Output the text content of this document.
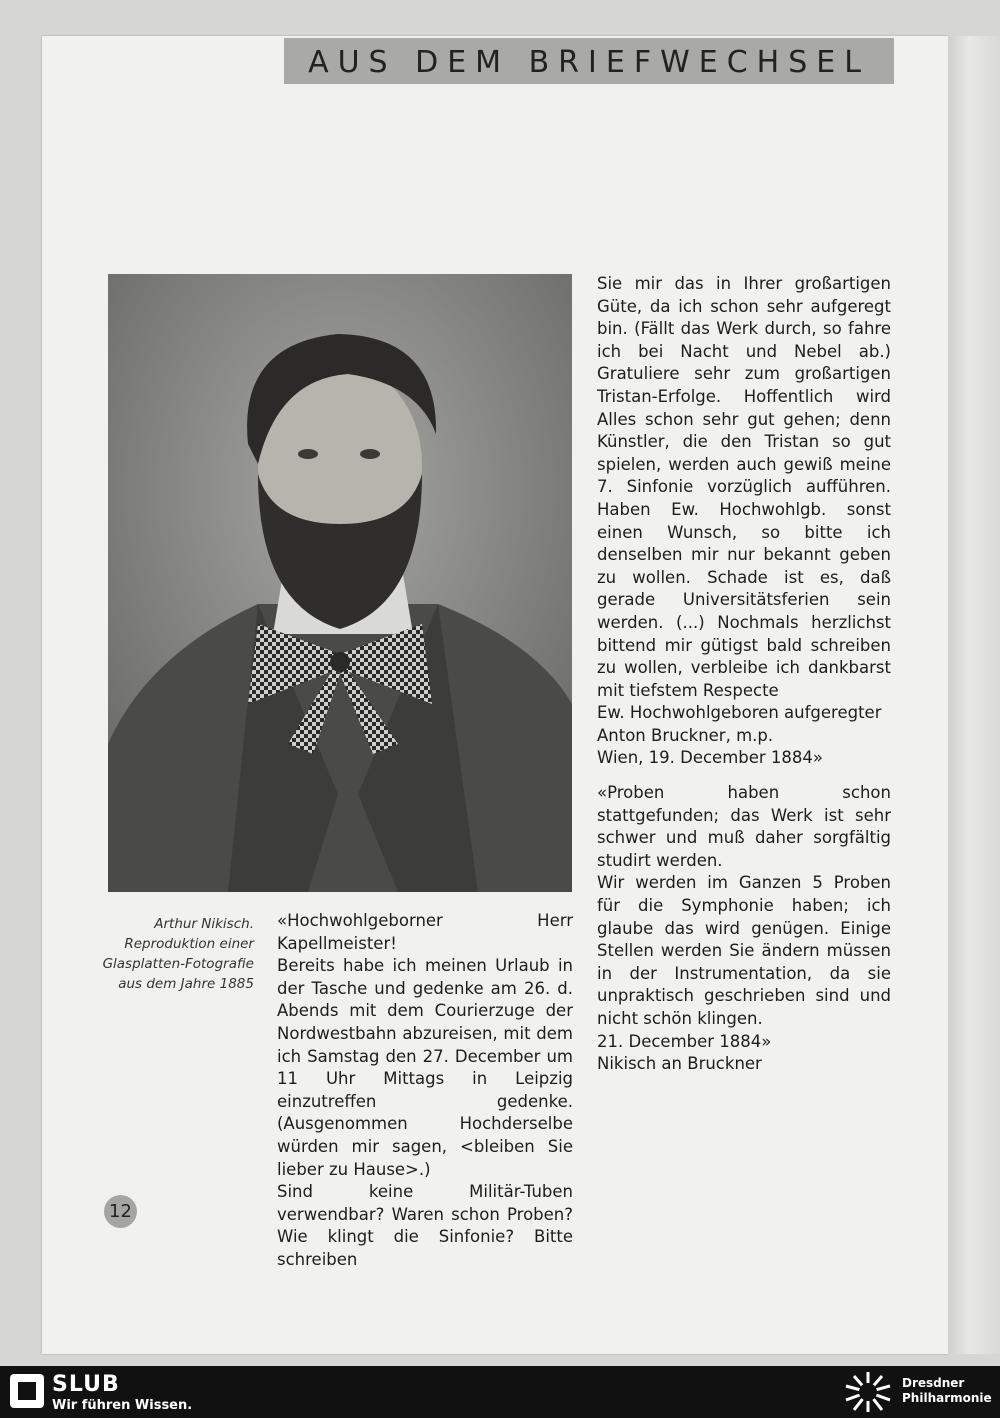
AUS DEM BRIEFWECHSEL
Arthur Nikisch.
Reproduktion einer
Glasplatten-Fotografie
aus dem Jahre 1885

«Hochwohlgeborner Herr Kapellmeister!

Bereits habe ich meinen Urlaub in der Tasche und gedenke am 26. d. Abends mit dem Courierzuge der Nordwestbahn abzureisen, mit dem ich Samstag den 27. December um 11 Uhr Mittags in Leipzig einzutreffen gedenke. (Ausgenommen Hochderselbe würden mir sagen, <bleiben Sie lieber zu Hause>.)

Sind keine Militär-Tuben verwendbar? Waren schon Proben? Wie klingt die Sinfonie? Bitte schreiben

Sie mir das in Ihrer großartigen Güte, da ich schon sehr aufgeregt bin. (Fällt das Werk durch, so fahre ich bei Nacht und Nebel ab.) Gratuliere sehr zum großartigen Tristan-Erfolge. Hoffentlich wird Alles schon sehr gut gehen; denn Künstler, die den Tristan so gut spielen, werden auch gewiß meine 7. Sinfonie vorzüglich aufführen. Haben Ew. Hochwohlgb. sonst einen Wunsch, so bitte ich denselben mir nur bekannt geben zu wollen. Schade ist es, daß gerade Universitätsferien sein werden. (...) Nochmals herzlichst bittend mir gütigst bald schreiben zu wollen, verbleibe ich dankbarst mit tiefstem Respecte

Ew. Hochwohlgeboren aufgeregter

Anton Bruckner, m.p.

Wien, 19. December 1884»

«Proben haben schon stattgefunden; das Werk ist sehr schwer und muß daher sorgfältig studirt werden.

Wir werden im Ganzen 5 Proben für die Symphonie haben; ich glaube das wird genügen. Einige Stellen werden Sie ändern müssen in der Instrumentation, da sie unpraktisch geschrieben sind und nicht schön klingen.

21. December 1884»

Nikisch an Bruckner

12
SLUB
Wir führen Wissen.
Dresdner
Philharmonie
